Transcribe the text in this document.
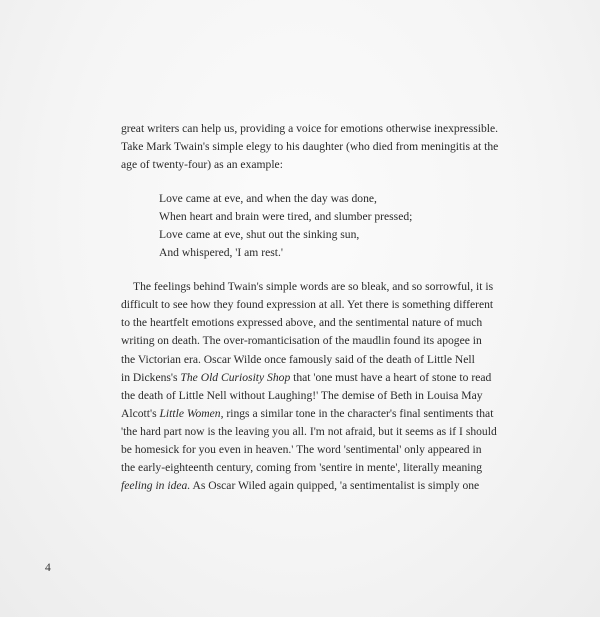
great writers can help us, providing a voice for emotions otherwise inexpressible.
Take Mark Twain's simple elegy to his daughter (who died from meningitis at the
age of twenty-four) as an example:
Love came at eve, and when the day was done,
When heart and brain were tired, and slumber pressed;
Love came at eve, shut out the sinking sun,
And whispered, 'I am rest.'
The feelings behind Twain's simple words are so bleak, and so sorrowful, it is
difficult to see how they found expression at all. Yet there is something different
to the heartfelt emotions expressed above, and the sentimental nature of much
writing on death. The over-romanticisation of the maudlin found its apogee in
the Victorian era. Oscar Wilde once famously said of the death of Little Nell
in Dickens's The Old Curiosity Shop that 'one must have a heart of stone to read
the death of Little Nell without Laughing!' The demise of Beth in Louisa May
Alcott's Little Women, rings a similar tone in the character's final sentiments that
'the hard part now is the leaving you all. I'm not afraid, but it seems as if I should
be homesick for you even in heaven.' The word 'sentimental' only appeared in
the early-eighteenth century, coming from 'sentire in mente', literally meaning
feeling in idea. As Oscar Wiled again quipped, 'a sentimentalist is simply one
4
